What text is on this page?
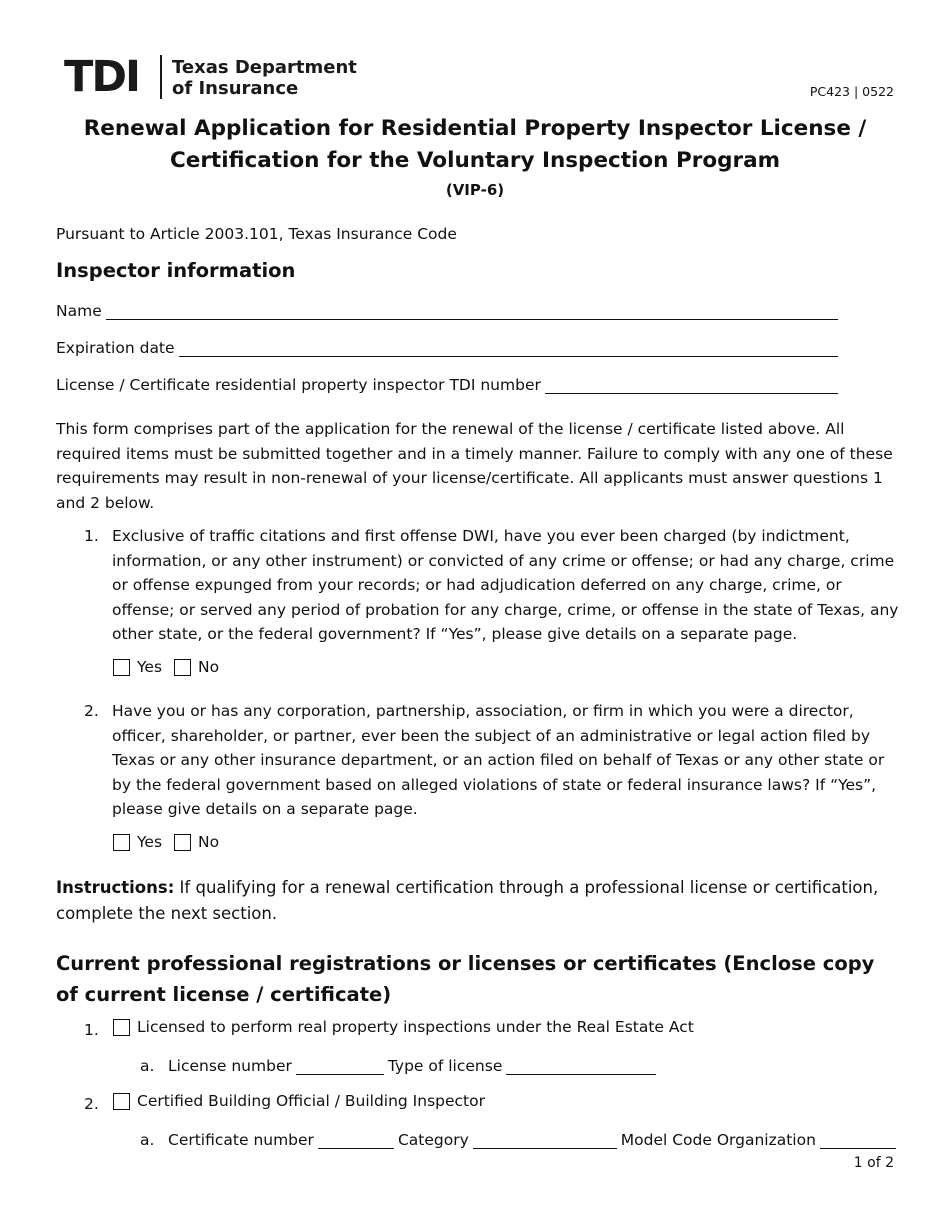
TDI Texas Department
of Insurance	PC423 | 0522
Renewal Application for Residential Property Inspector License /
Certification for the Voluntary Inspection Program
(VIP-6)
Pursuant to Article 2003.101, Texas Insurance Code
Inspector information
Name
Expiration date
License / Certificate residential property inspector TDI number
This form comprises part of the application for the renewal of the license / certificate listed above. All required items must be submitted together and in a timely manner. Failure to comply with any one of these requirements may result in non-renewal of your license/certificate. All applicants must answer questions 1 and 2 below.
1. Exclusive of traffic citations and first offense DWI, have you ever been charged (by indictment, information, or any other instrument) or convicted of any crime or offense; or had any charge, crime or offense expunged from your records; or had adjudication deferred on any charge, crime, or offense; or served any period of probation for any charge, crime, or offense in the state of Texas, any other state, or the federal government? If “Yes”, please give details on a separate page.
Yes No
2. Have you or has any corporation, partnership, association, or firm in which you were a director, officer, shareholder, or partner, ever been the subject of an administrative or legal action filed by Texas or any other insurance department, or an action filed on behalf of Texas or any other state or by the federal government based on alleged violations of state or federal insurance laws? If “Yes”, please give details on a separate page.
Yes No
Instructions: If qualifying for a renewal certification through a professional license or certification, complete the next section.
Current professional registrations or licenses or certificates (Enclose copy of current license / certificate)
1. Licensed to perform real property inspections under the Real Estate Act
a. License number	Type of license
2. Certified Building Official / Building Inspector
a. Certificate number	Category	Model Code Organization
1 of 2
